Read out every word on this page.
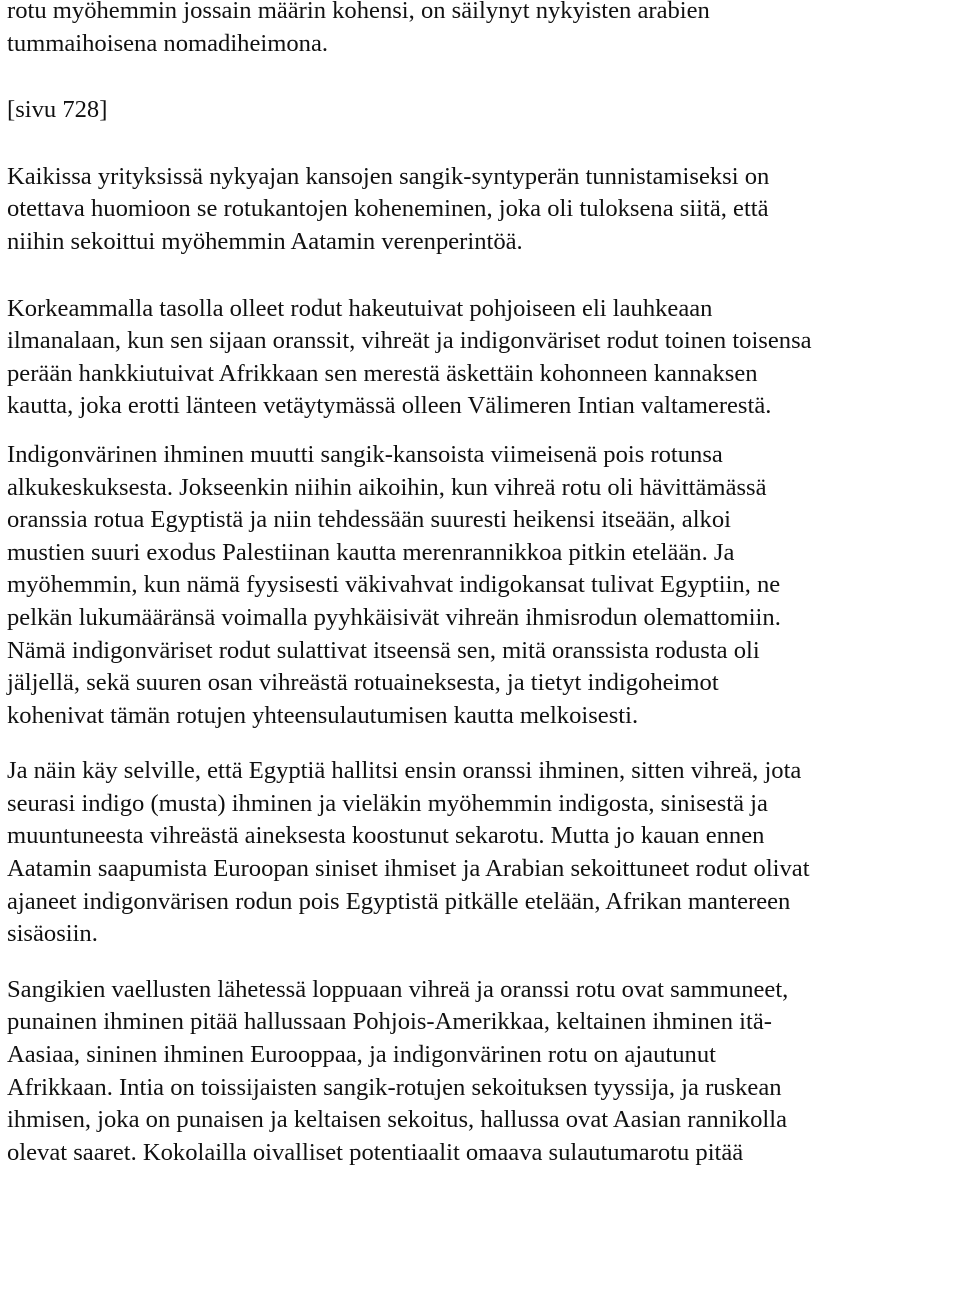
rotu myöhemmin jossain määrin kohensi, on säilynyt nykyisten arabien
tummaihoisena nomadiheimona.

[sivu 728]

Kaikissa yrityksissä nykyajan kansojen sangik-syntyperän tunnistamiseksi on
otettava huomioon se rotukantojen koheneminen, joka oli tuloksena siitä, että
niihin sekoittui myöhemmin Aatamin verenperintöä.

Korkeammalla tasolla olleet rodut hakeutuivat pohjoiseen eli lauhkeaan
ilmanalaan, kun sen sijaan oranssit, vihreät ja indigonväriset rodut toinen toisensa
perään hankkiutuivat Afrikkaan sen merestä äskettäin kohonneen kannaksen
kautta, joka erotti länteen vetäytymässä olleen Välimeren Intian valtamerestä.

Indigonvärinen ihminen muutti sangik-kansoista viimeisenä pois rotunsa
alkukeskuksesta. Jokseenkin niihin aikoihin, kun vihreä rotu oli hävittämässä
oranssia rotua Egyptistä ja niin tehdessään suuresti heikensi itseään, alkoi
mustien suuri exodus Palestiinan kautta merenrannikkoa pitkin etelään. Ja
myöhemmin, kun nämä fyysisesti väkivahvat indigokansat tulivat Egyptiin, ne
pelkän lukumääränsä voimalla pyyhkäisivät vihreän ihmisrodun olemattomiin.
Nämä indigonväriset rodut sulattivat itseensä sen, mitä oranssista rodusta oli
jäljellä, sekä suuren osan vihreästä rotuaineksesta, ja tietyt indigoheimot
kohenivat tämän rotujen yhteensulautumisen kautta melkoisesti.

Ja näin käy selville, että Egyptiä hallitsi ensin oranssi ihminen, sitten vihreä, jota
seurasi indigo (musta) ihminen ja vieläkin myöhemmin indigosta, sinisestä ja
muuntuneesta vihreästä aineksesta koostunut sekarotu. Mutta jo kauan ennen
Aatamin saapumista Euroopan siniset ihmiset ja Arabian sekoittuneet rodut olivat
ajaneet indigonvärisen rodun pois Egyptistä pitkälle etelään, Afrikan mantereen
sisäosiin.

Sangikien vaellusten lähetessä loppuaan vihreä ja oranssi rotu ovat sammuneet,
punainen ihminen pitää hallussaan Pohjois-Amerikkaa, keltainen ihminen itä-
Aasiaa, sininen ihminen Eurooppaa, ja indigonvärinen rotu on ajautunut
Afrikkaan. Intia on toissijaisten sangik-rotujen sekoituksen tyyssija, ja ruskean
ihmisen, joka on punaisen ja keltaisen sekoitus, hallussa ovat Aasian rannikolla
olevat saaret. Kokolailla oivalliset potentiaalit omaava sulautumarotu pitää
